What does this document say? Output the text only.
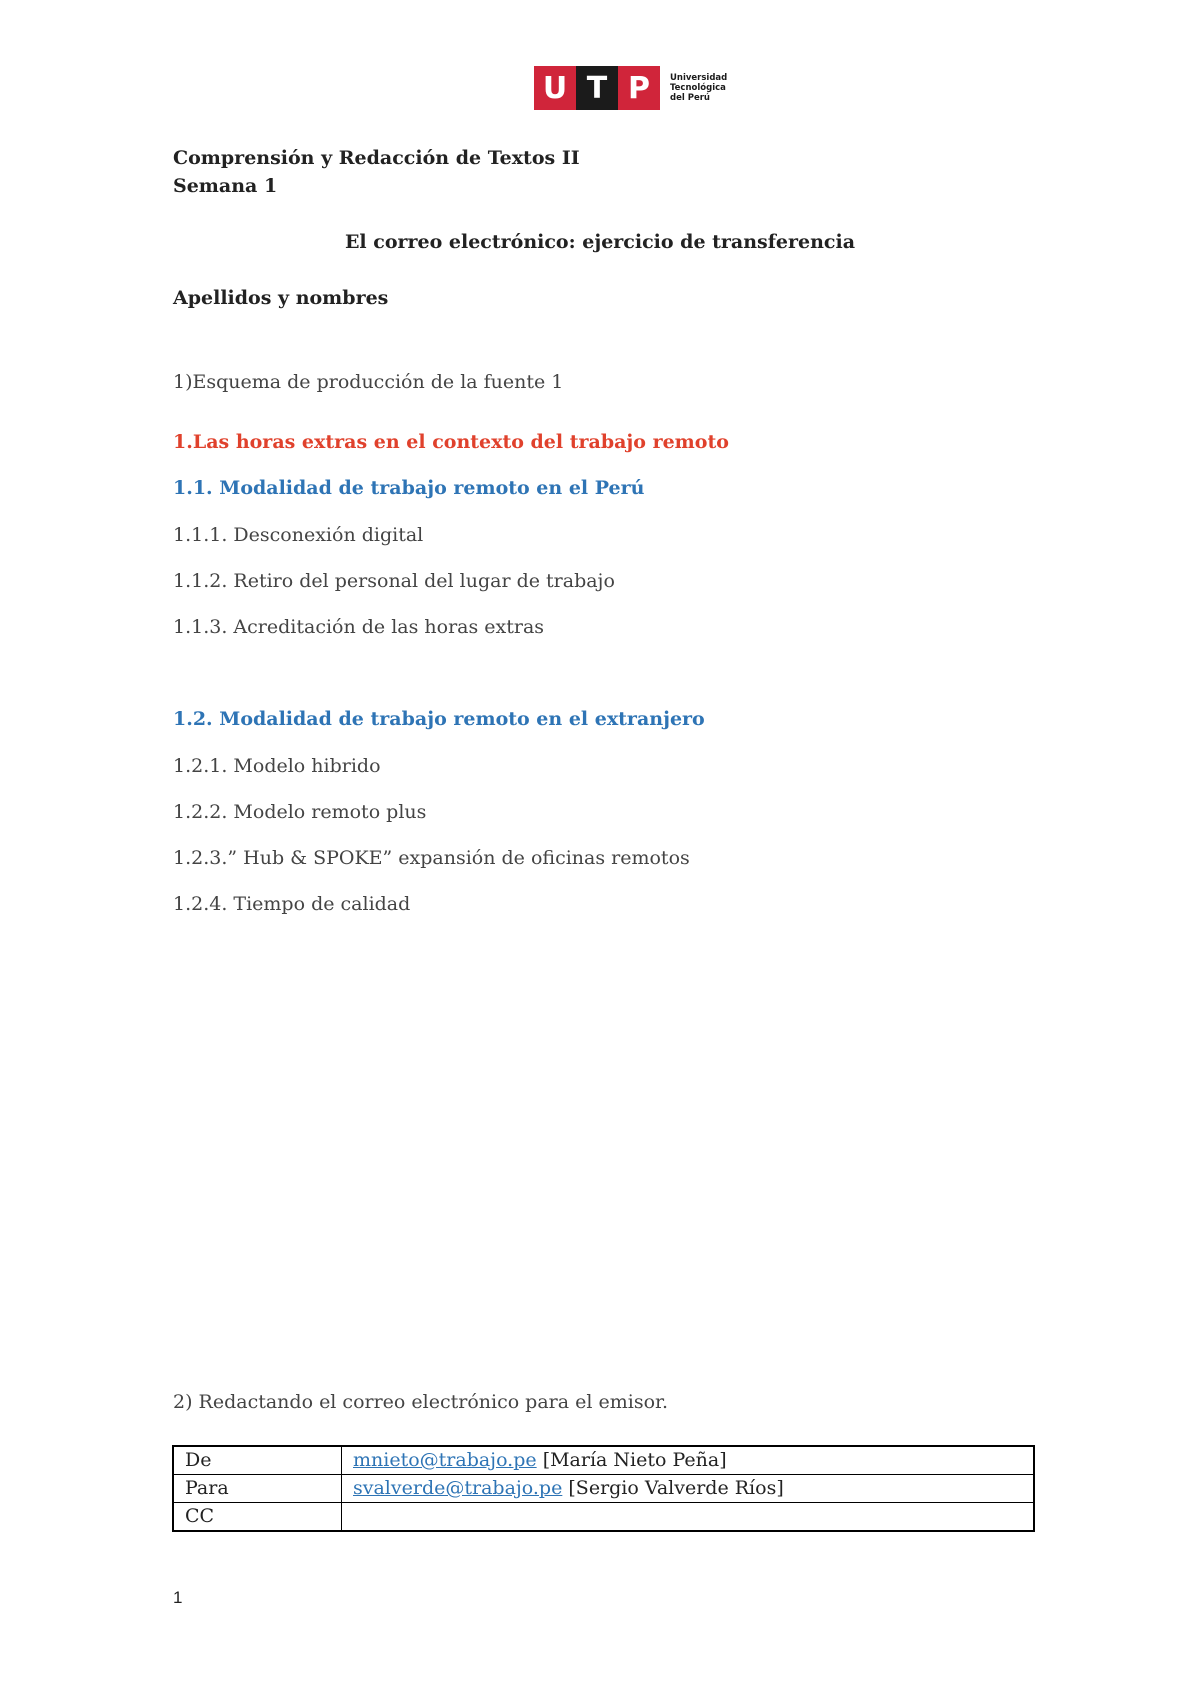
U T P	Universidad
Tecnológica
del Perú
Comprensión y Redacción de Textos II
Semana 1
El correo electrónico: ejercicio de transferencia
Apellidos y nombres
1)Esquema de producción de la fuente 1
1.Las horas extras en el contexto del trabajo remoto
1.1. Modalidad de trabajo remoto en el Perú
1.1.1. Desconexión digital
1.1.2. Retiro del personal del lugar de trabajo
1.1.3. Acreditación de las horas extras
1.2. Modalidad de trabajo remoto en el extranjero
1.2.1. Modelo hibrido
1.2.2. Modelo remoto plus
1.2.3.” Hub & SPOKE” expansión de oficinas remotos
1.2.4. Tiempo de calidad
2) Redactando el correo electrónico para el emisor.
De	mnieto@trabajo.pe [María Nieto Peña]
Para	svalverde@trabajo.pe [Sergio Valverde Ríos]
CC	
1
